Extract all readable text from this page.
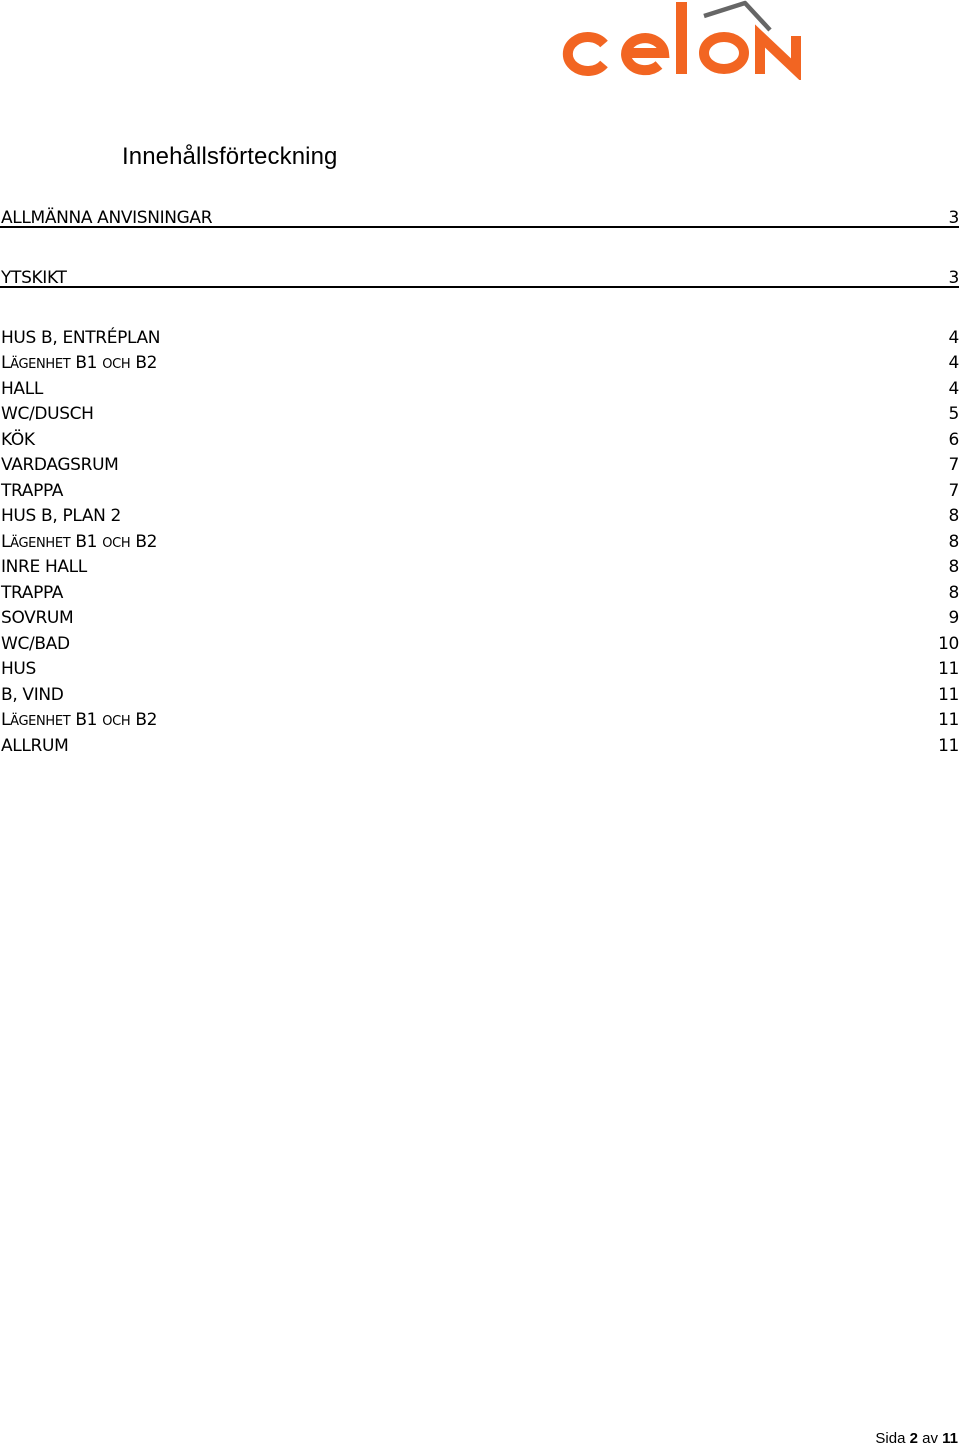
Innehållsförteckning
ALLMÄNNA ANVISNINGAR	3
YTSKIKT	3
HUS B, ENTRÉPLAN	4
LÄGENHET B1 OCH B2	4
HALL	4
WC/DUSCH	5
KÖK	6
VARDAGSRUM	7
TRAPPA	7
HUS B, PLAN 2	8
LÄGENHET B1 OCH B2	8
INRE HALL	8
TRAPPA	8
SOVRUM	9
WC/BAD	10
HUS	11
B, VIND	11
LÄGENHET B1 OCH B2	11
ALLRUM	11
Sida 2 av 11
